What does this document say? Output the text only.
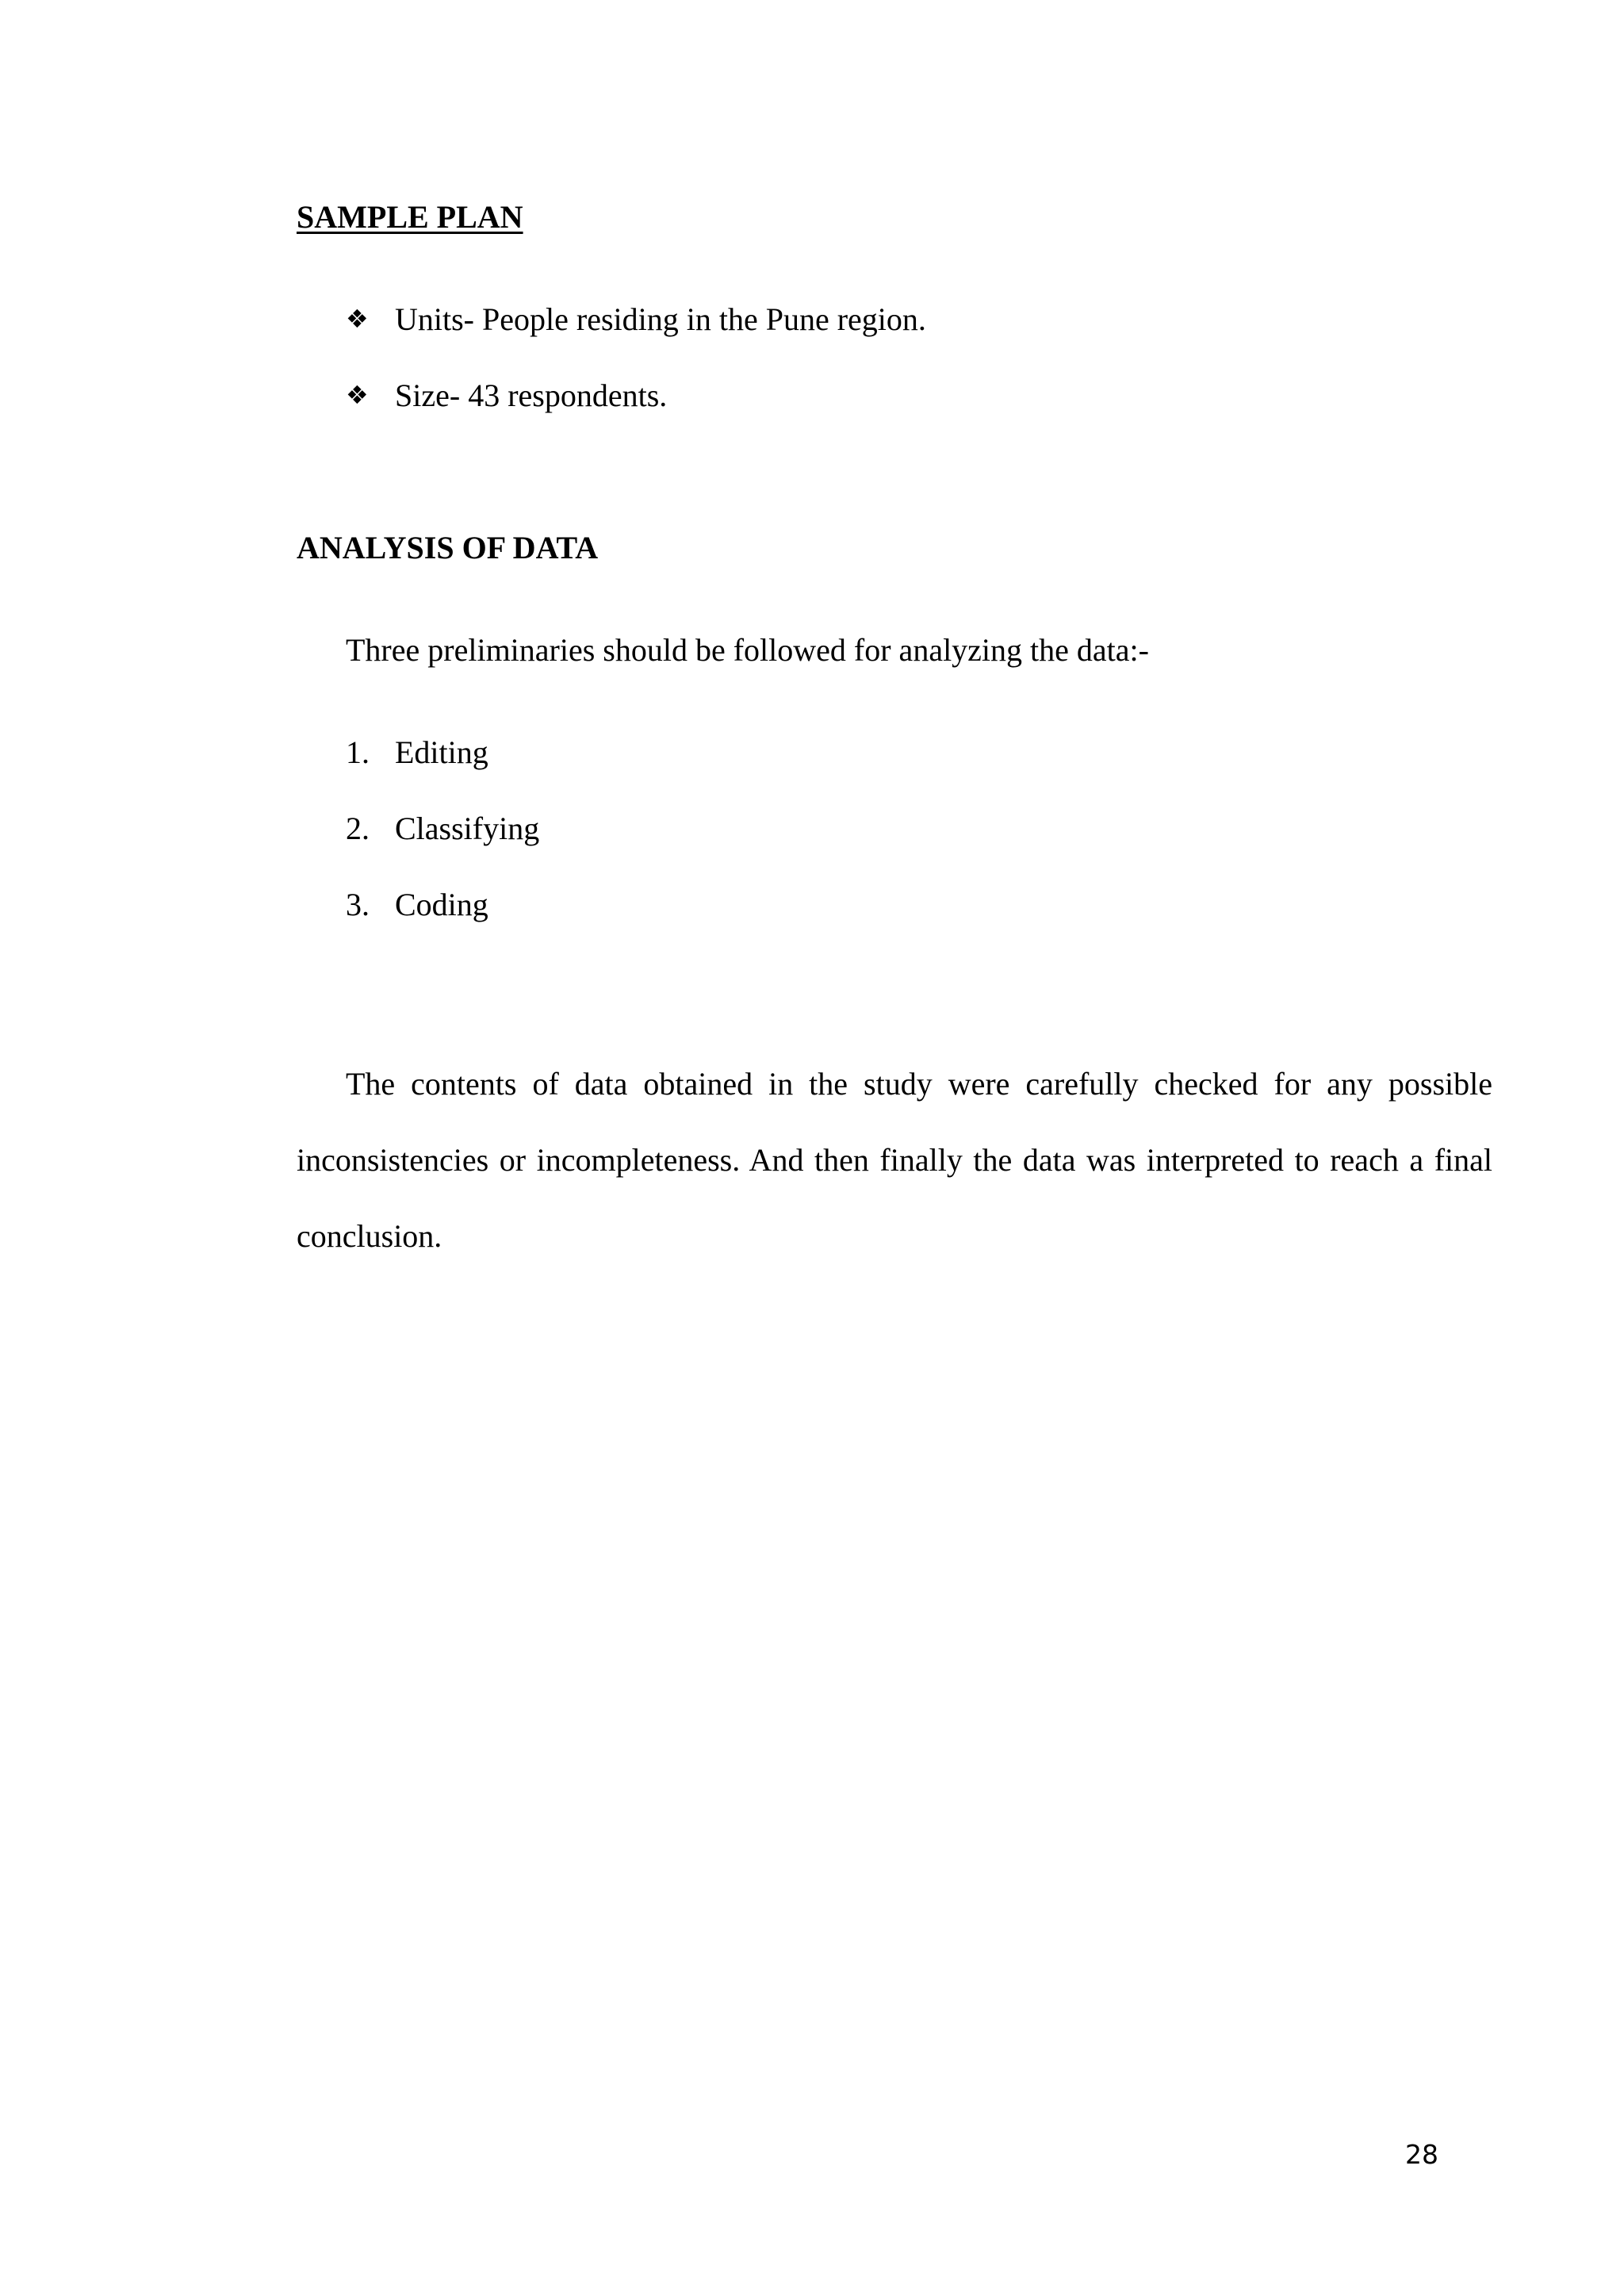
SAMPLE PLAN
❖ Units- People residing in the Pune region.
❖ Size- 43 respondents.
ANALYSIS OF DATA
Three preliminaries should be followed for analyzing the data:-
1. Editing
2. Classifying
3. Coding

The contents of data obtained in the study were carefully checked for any possible inconsistencies or incompleteness. And then finally the data was interpreted to reach a final conclusion.

28
